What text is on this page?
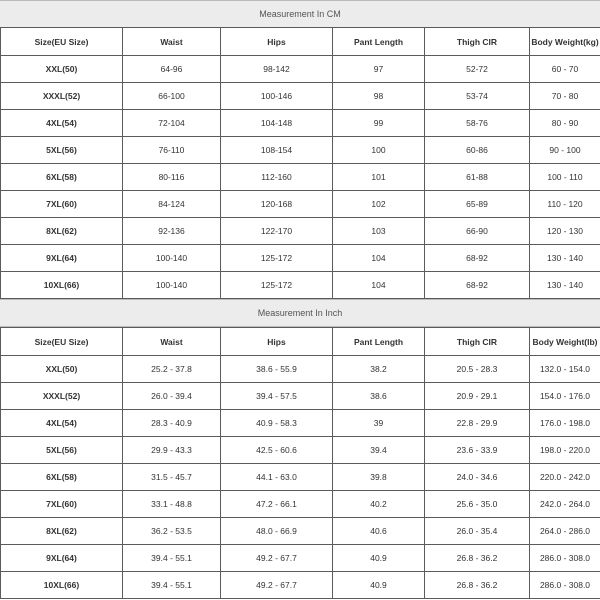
Measurement In CM
Size(EU Size)	Waist	Hips	Pant Length	Thigh CIR	Body Weight(kg)
XXL(50)	64-96	98-142	97	52-72	60 - 70
XXXL(52)	66-100	100-146	98	53-74	70 - 80
4XL(54)	72-104	104-148	99	58-76	80 - 90
5XL(56)	76-110	108-154	100	60-86	90 - 100
6XL(58)	80-116	112-160	101	61-88	100 - 110
7XL(60)	84-124	120-168	102	65-89	110 - 120
8XL(62)	92-136	122-170	103	66-90	120 - 130
9XL(64)	100-140	125-172	104	68-92	130 - 140
10XL(66)	100-140	125-172	104	68-92	130 - 140
Measurement In Inch
Size(EU Size)	Waist	Hips	Pant Length	Thigh CIR	Body Weight(lb)
XXL(50)	25.2 - 37.8	38.6 - 55.9	38.2	20.5 - 28.3	132.0 - 154.0
XXXL(52)	26.0 - 39.4	39.4 - 57.5	38.6	20.9 - 29.1	154.0 - 176.0
4XL(54)	28.3 - 40.9	40.9 - 58.3	39	22.8 - 29.9	176.0 - 198.0
5XL(56)	29.9 - 43.3	42.5 - 60.6	39.4	23.6 - 33.9	198.0 - 220.0
6XL(58)	31.5 - 45.7	44.1 - 63.0	39.8	24.0 - 34.6	220.0 - 242.0
7XL(60)	33.1 - 48.8	47.2 - 66.1	40.2	25.6 - 35.0	242.0 - 264.0
8XL(62)	36.2 - 53.5	48.0 - 66.9	40.6	26.0 - 35.4	264.0 - 286.0
9XL(64)	39.4 - 55.1	49.2 - 67.7	40.9	26.8 - 36.2	286.0 - 308.0
10XL(66)	39.4 - 55.1	49.2 - 67.7	40.9	26.8 - 36.2	286.0 - 308.0
